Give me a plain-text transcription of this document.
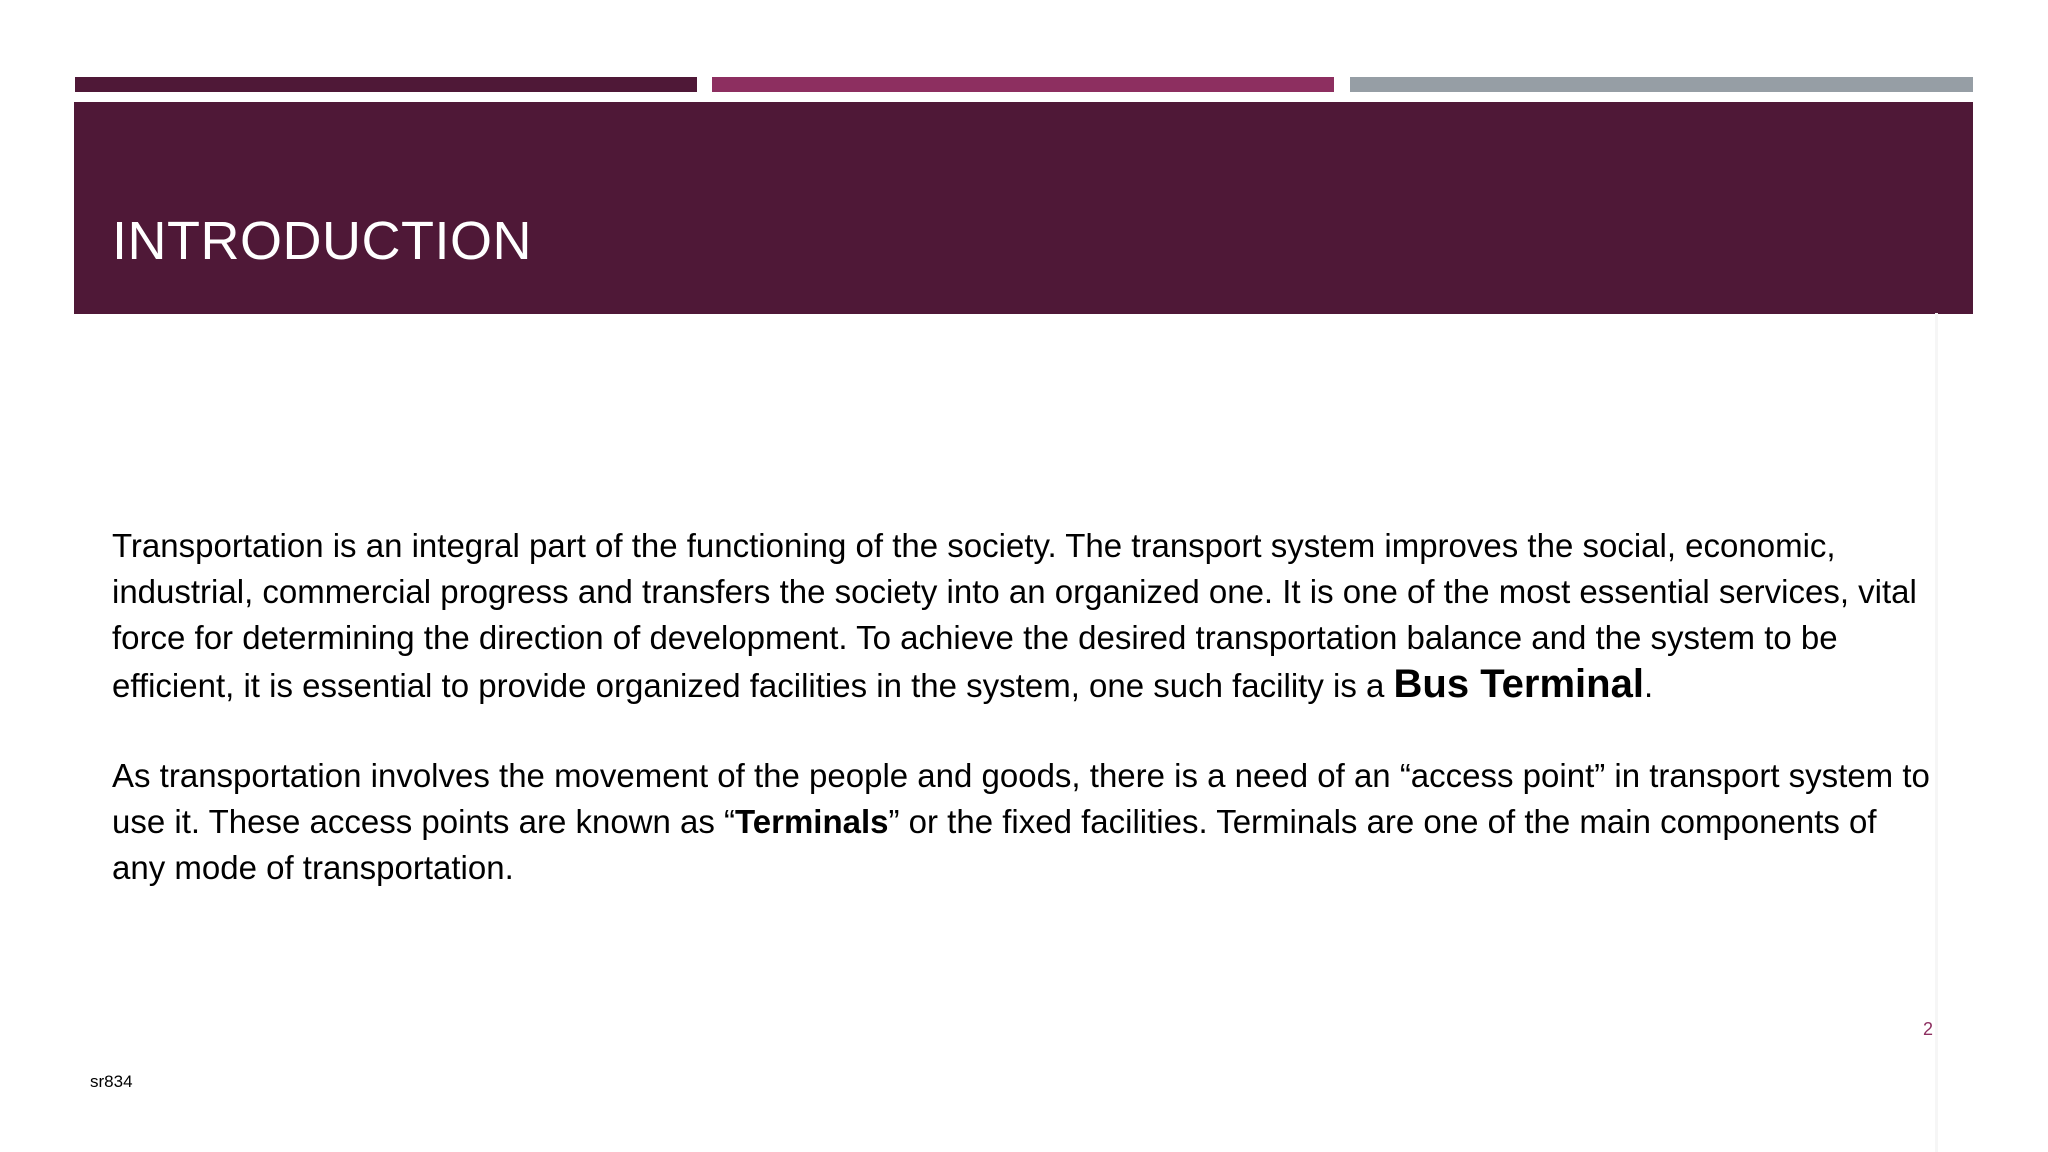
INTRODUCTION

Transportation is an integral part of the functioning of the society. The transport system improves the social, economic, industrial, commercial progress and transfers the society into an organized one. It is one of the most essential services, vital force for determining the direction of development. To achieve the desired transportation balance and the system to be efficient, it is essential to provide organized facilities in the system, one such facility is a Bus Terminal.

As transportation involves the movement of the people and goods, there is a need of an “access point” in transport system to use it. These access points are known as “Terminals” or the fixed facilities. Terminals are one of the main components of any mode of transportation.

2
sr834
